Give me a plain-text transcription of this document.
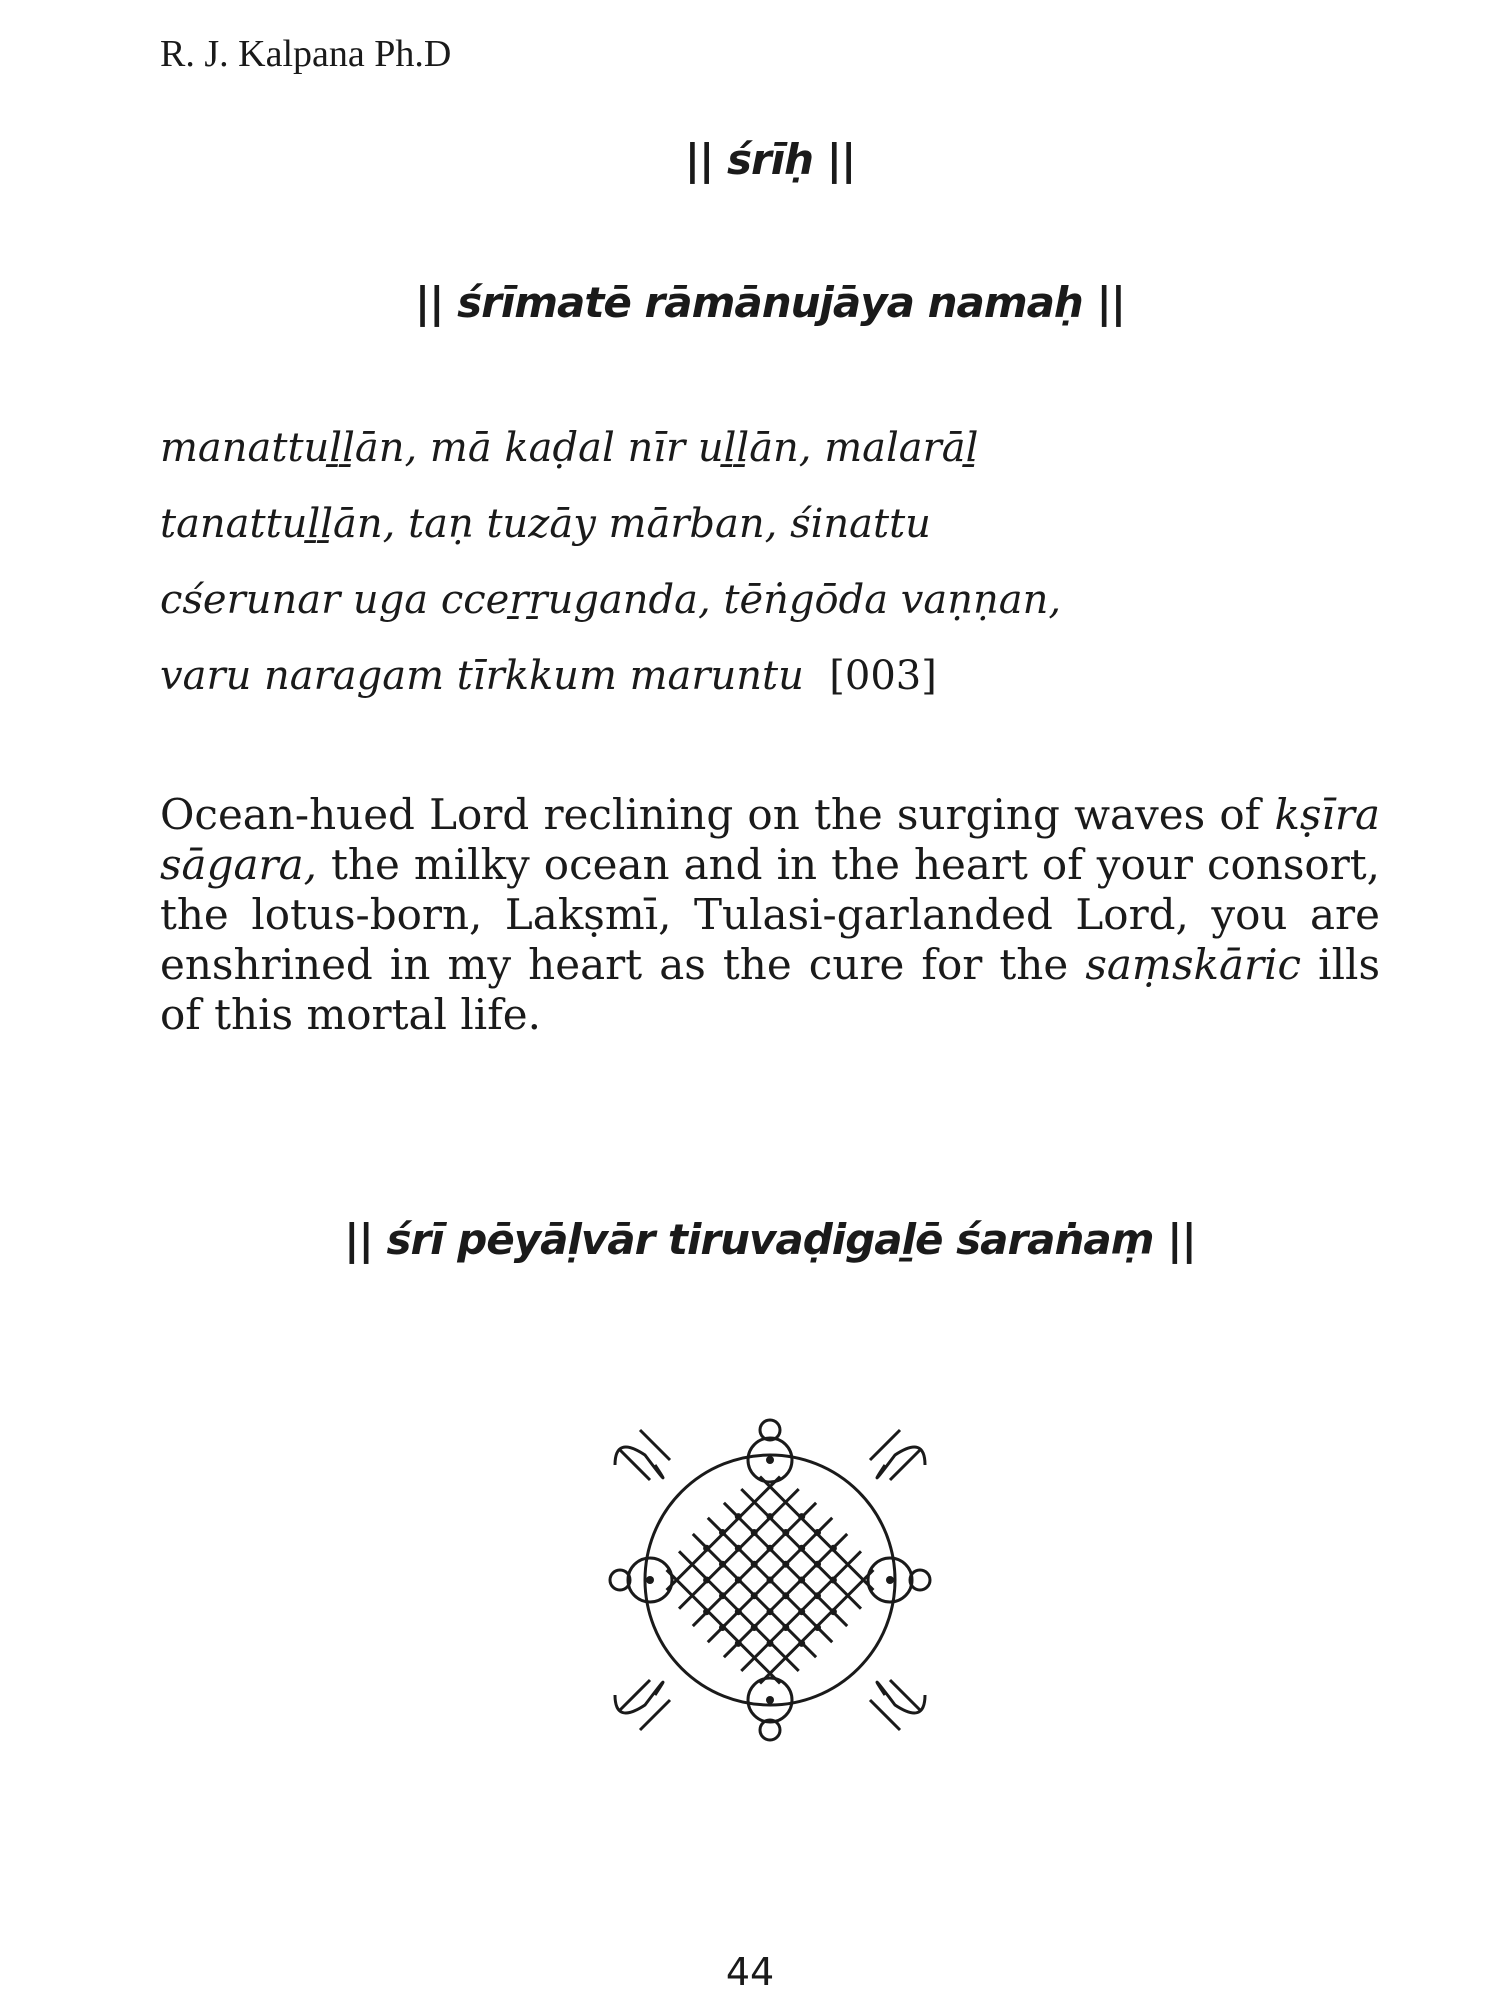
R. J. Kalpana Ph.D
|| śrīḥ ||
|| śrīmatē rāmānujāya namaḥ ||
manattuḻḻān, mā kaḍal nīr uḻḻān, malarāḻ
tanattuḻḻān, taṇ tuzāy mārban, śinattu
cśerunar uga cceṟṟuganda, tēṅgōda vaṇṇan,
varu naragam tīrkkum maruntu [003]
Ocean-hued Lord reclining on the surging waves of kṣīra sāgara, the milky ocean and in the heart of your consort, the lotus-born, Lakṣmī, Tulasi-garlanded Lord, you are enshrined in my heart as the cure for the saṃskāric ills of this mortal life.
|| śrī pēyāḷvār tiruvaḍigaḻē śaraṅaṃ ||
44
